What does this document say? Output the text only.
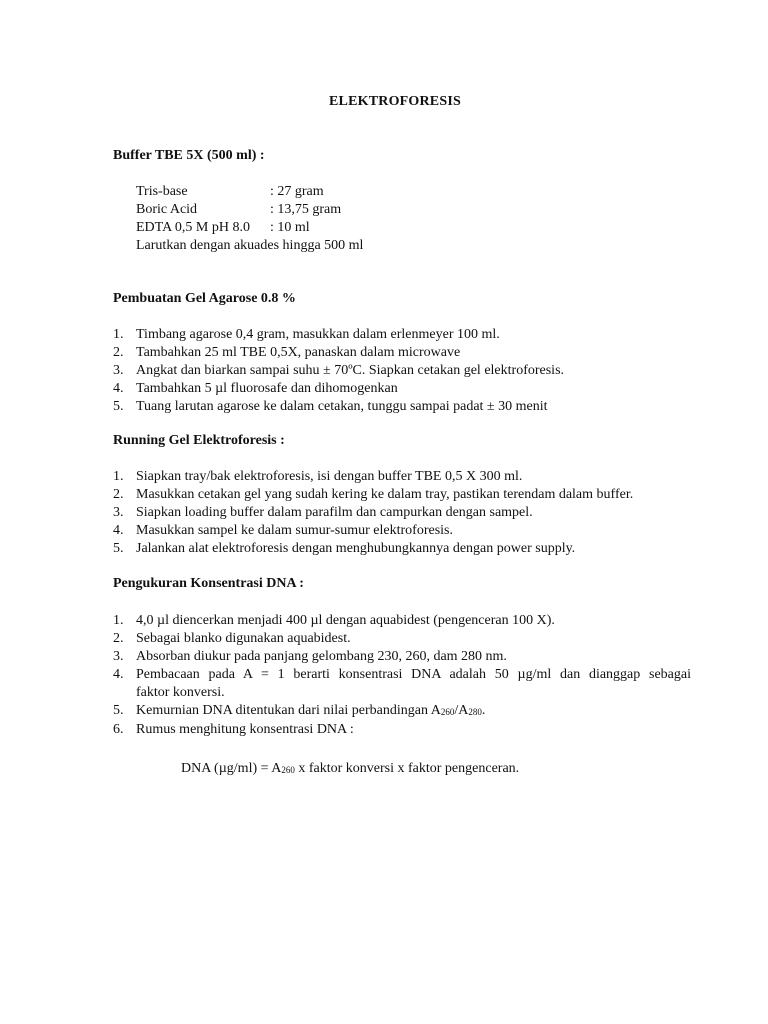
ELEKTROFORESIS
Buffer TBE 5X (500 ml) :
Tris-base	: 27 gram
Boric Acid	: 13,75 gram
EDTA 0,5 M pH 8.0	: 10 ml
Larutkan dengan akuades hingga 500 ml
Pembuatan Gel Agarose 0.8 %
1. Timbang agarose 0,4 gram, masukkan dalam erlenmeyer 100 ml.
2. Tambahkan 25 ml TBE 0,5X, panaskan dalam microwave
3. Angkat dan biarkan sampai suhu ± 70ºC. Siapkan cetakan gel elektroforesis.
4. Tambahkan 5 µl fluorosafe dan dihomogenkan
5. Tuang larutan agarose ke dalam cetakan, tunggu sampai padat ± 30 menit
Running Gel Elektroforesis :
1. Siapkan tray/bak elektroforesis, isi dengan buffer TBE 0,5 X 300 ml.
2. Masukkan cetakan gel yang sudah kering ke dalam tray, pastikan terendam dalam buffer.
3. Siapkan loading buffer dalam parafilm dan campurkan dengan sampel.
4. Masukkan sampel ke dalam sumur-sumur elektroforesis.
5. Jalankan alat elektroforesis dengan menghubungkannya dengan power supply.
Pengukuran Konsentrasi DNA :
1. 4,0 µl diencerkan menjadi 400 µl dengan aquabidest (pengenceran 100 X).
2. Sebagai blanko digunakan aquabidest.
3. Absorban diukur pada panjang gelombang 230, 260, dam 280 nm.
4. Pembacaan pada A = 1 berarti konsentrasi DNA adalah 50 µg/ml dan dianggap sebagai
faktor konversi.
5. Kemurnian DNA ditentukan dari nilai perbandingan $A_{260}/A_{280}$.
6. Rumus menghitung konsentrasi DNA :
DNA $(\mu g/ml) = A_{260}$ x faktor konversi x faktor pengenceran.
